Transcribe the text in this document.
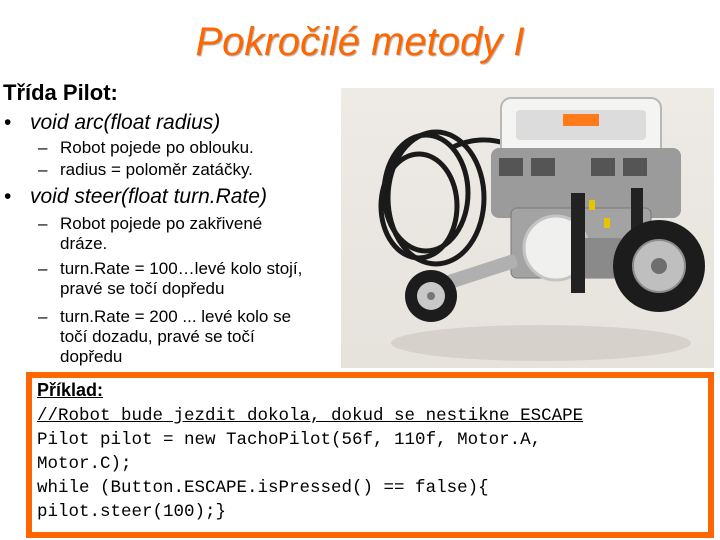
Pokročilé metody I
Třída Pilot:
• void arc(float radius)
– Robot pojede po oblouku.
– radius = poloměr zatáčky.
• void steer(float turn.Rate)
– Robot pojede po zakřivené
dráze.
– turn.Rate = 100…levé kolo stojí,
pravé se točí dopředu
– turn.Rate = 200 ... levé kolo se
točí dozadu, pravé se točí
dopředu
Příklad:
//Robot bude jezdit dokola, dokud se nestikne ESCAPE
Pilot pilot = new TachoPilot(56f, 110f, Motor.A,
Motor.C);
while (Button.ESCAPE.isPressed() == false){
pilot.steer(100);}
